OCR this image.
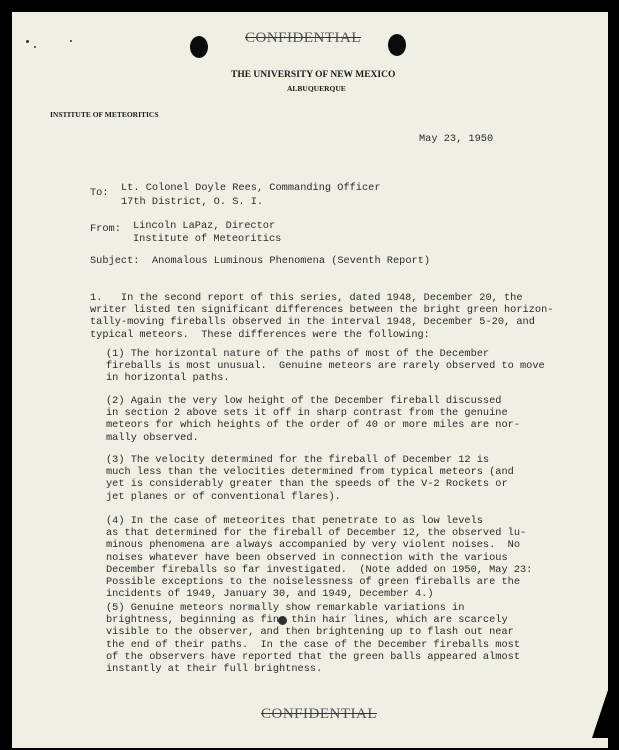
CONFIDENTIAL
THE UNIVERSITY OF NEW MEXICO
ALBUQUERQUE
INSTITUTE OF METEORITICS
May 23, 1950
To: Lt. Colonel Doyle Rees, Commanding Officer
17th District, O. S. I.
From: Lincoln LaPaz, Director
Institute of Meteoritics
Subject: Anomalous Luminous Phenomena (Seventh Report)
1.   In the second report of this series, dated 1948, December 20, the
writer listed ten significant differences between the bright green horizon-
tally-moving fireballs observed in the interval 1948, December 5-20, and
typical meteors.  These differences were the following:
(1) The horizontal nature of the paths of most of the December
fireballs is most unusual.  Genuine meteors are rarely observed to move
in horizontal paths.
(2) Again the very low height of the December fireball discussed
in section 2 above sets it off in sharp contrast from the genuine
meteors for which heights of the order of 40 or more miles are nor-
mally observed.
(3) The velocity determined for the fireball of December 12 is
much less than the velocities determined from typical meteors (and
yet is considerably greater than the speeds of the V-2 Rockets or
jet planes or of conventional flares).
(4) In the case of meteorites that penetrate to as low levels
as that determined for the fireball of December 12, the observed lu-
minous phenomena are always accompanied by very violent noises.  No
noises whatever have been observed in connection with the various
December fireballs so far investigated.  (Note added on 1950, May 23:
Possible exceptions to the noiselessness of green fireballs are the
incidents of 1949, January 30, and 1949, December 4.)
(5) Genuine meteors normally show remarkable variations in
brightness, beginning as fine thin hair lines, which are scarcely
visible to the observer, and then brightening up to flash out near
the end of their paths.  In the case of the December fireballs most
of the observers have reported that the green balls appeared almost
instantly at their full brightness.
CONFIDENTIAL
